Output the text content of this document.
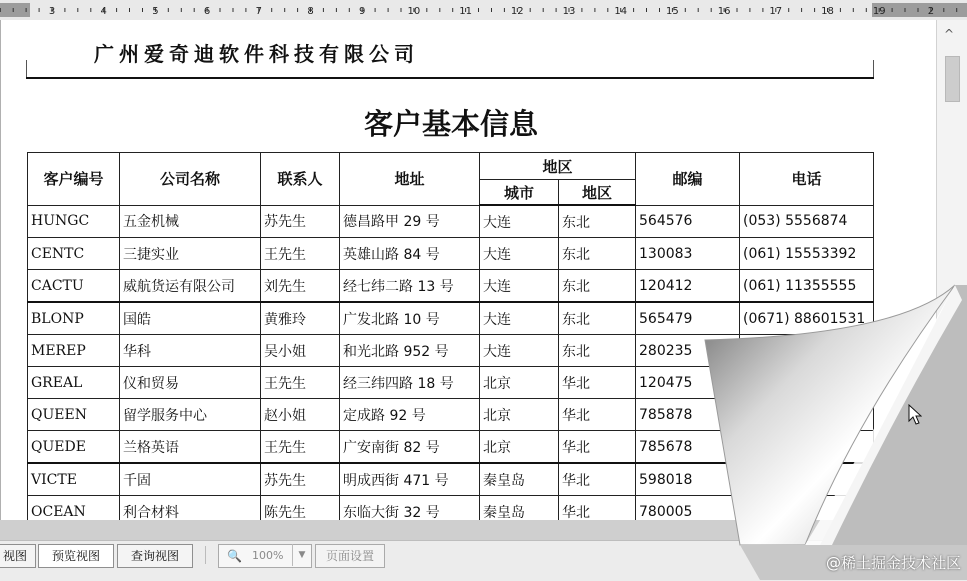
3	4	5	6	7	8	9	10	11	12	13	14	15	16	17	18	19	2
广州爱奇迪软件科技有限公司
客户基本信息
客户编号	公司名称	联系人	地址	地区		邮编	电话
				城市	地区		
HUNGC	五金机械	苏先生	德昌路甲 29 号	大连	东北	564576	(053) 5556874
CENTC	三捷实业	王先生	英雄山路 84 号	大连	东北	130083	(061) 15553392
CACTU	威航货运有限公司	刘先生	经七纬二路 13 号	大连	东北	120412	(061) 11355555
BLONP	国皓	黄雅玲	广发北路 10 号	大连	东北	565479	(0671) 88601531
MEREP	华科	吴小姐	和光北路 952 号	大连	东北	280235	
GREAL	仪和贸易	王先生	经三纬四路 18 号	北京	华北	120475	
QUEEN	留学服务中心	赵小姐	定成路 92 号	北京	华北	785878	
QUEDE	兰格英语	王先生	广安南街 82 号	北京	华北	785678	
VICTE	千固	苏先生	明成西街 471 号	秦皇岛	华北	598018	
OCEAN	利合材料	陈先生	东临大街 32 号	秦皇岛	华北	780005	
^
视图	预览视图	查询视图	🔍 100%	▼	页面设置	@稀土掘金技术社区
